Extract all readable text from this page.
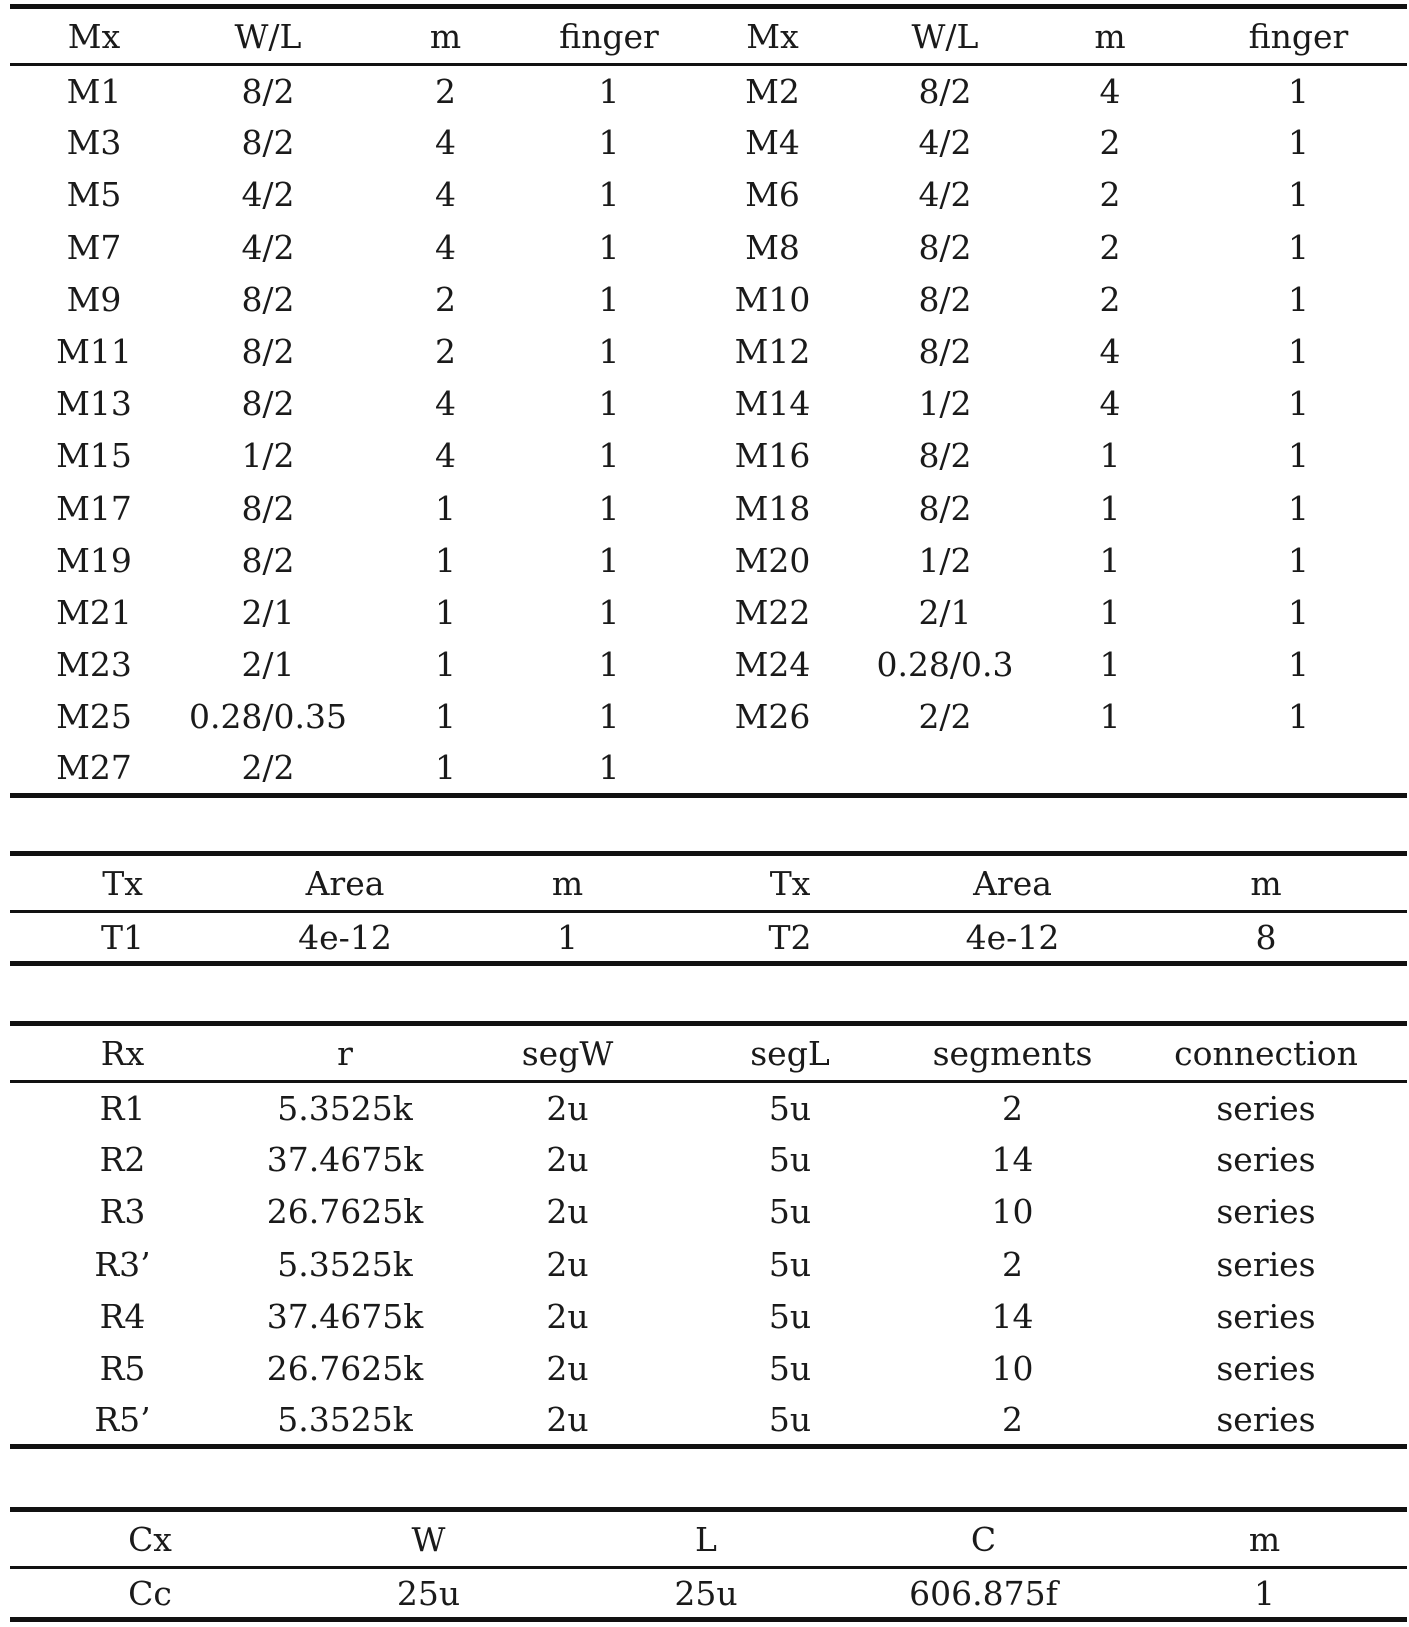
Mx	W/L	m	finger	Mx	W/L	m	finger
M1	8/2	2	1	M2	8/2	4	1
M3	8/2	4	1	M4	4/2	2	1
M5	4/2	4	1	M6	4/2	2	1
M7	4/2	4	1	M8	8/2	2	1
M9	8/2	2	1	M10	8/2	2	1
M11	8/2	2	1	M12	8/2	4	1
M13	8/2	4	1	M14	1/2	4	1
M15	1/2	4	1	M16	8/2	1	1
M17	8/2	1	1	M18	8/2	1	1
M19	8/2	1	1	M20	1/2	1	1
M21	2/1	1	1	M22	2/1	1	1
M23	2/1	1	1	M24	0.28/0.3	1	1
M25	0.28/0.35	1	1	M26	2/2	1	1
M27	2/2	1	1				
Tx	Area	m	Tx	Area	m
T1	4e-12	1	T2	4e-12	8
Rx	r	segW	segL	segments	connection
R1	5.3525k	2u	5u	2	series
R2	37.4675k	2u	5u	14	series
R3	26.7625k	2u	5u	10	series
R3’	5.3525k	2u	5u	2	series
R4	37.4675k	2u	5u	14	series
R5	26.7625k	2u	5u	10	series
R5’	5.3525k	2u	5u	2	series
Cx	W	L	C	m
Cc	25u	25u	606.875f	1
